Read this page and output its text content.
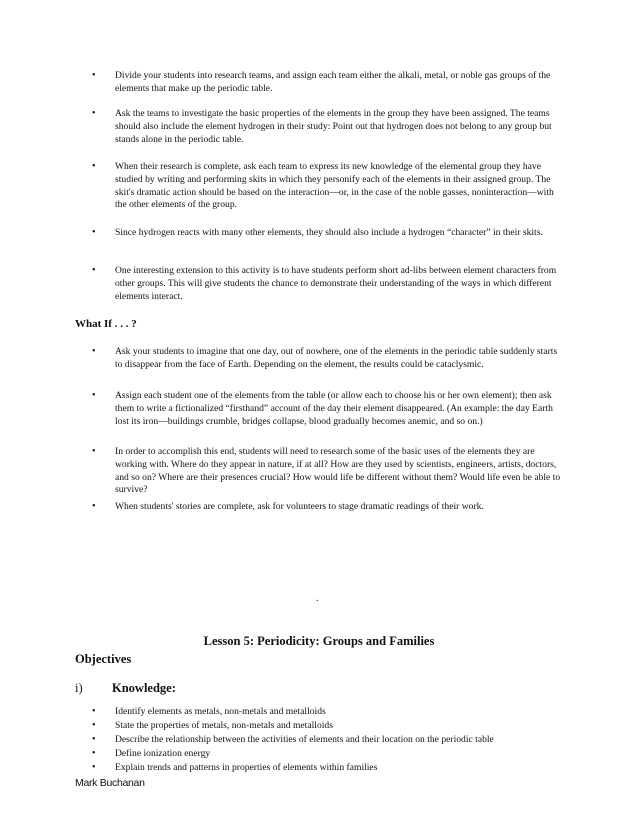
• Divide your students into research teams, and assign each team either the alkali, metal, or noble gas groups of the elements that make up the periodic table.
• Ask the teams to investigate the basic properties of the elements in the group they have been assigned. The teams should also include the element hydrogen in their study: Point out that hydrogen does not belong to any group but stands alone in the periodic table.
• When their research is complete, ask each team to express its new knowledge of the elemental group they have studied by writing and performing skits in which they personify each of the elements in their assigned group. The skit's dramatic action should be based on the interaction—or, in the case of the noble gasses, noninteraction—with the other elements of the group.
• Since hydrogen reacts with many other elements, they should also include a hydrogen “character” in their skits.
• One interesting extension to this activity is to have students perform short ad-libs between element characters from other groups. This will give students the chance to demonstrate their understanding of the ways in which different elements interact.
What If . . . ?
• Ask your students to imagine that one day, out of nowhere, one of the elements in the periodic table suddenly starts to disappear from the face of Earth. Depending on the element, the results could be cataclysmic.
• Assign each student one of the elements from the table (or allow each to choose his or her own element); then ask them to write a fictionalized “firsthand” account of the day their element disappeared. (An example: the day Earth lost its iron—buildings crumble, bridges collapse, blood gradually becomes anemic, and so on.)
• In order to accomplish this end, students will need to research some of the basic uses of the elements they are working with. Where do they appear in nature, if at all? How are they used by scientists, engineers, artists, doctors, and so on? Where are their presences crucial? How would life be different without them? Would life even be able to survive?
• When students' stories are complete, ask for volunteers to stage dramatic readings of their work.
.
Lesson 5: Periodicity: Groups and Families
Objectives
i) Knowledge:
• Identify elements as metals, non-metals and metalloids
• State the properties of metals, non-metals and metalloids
• Describe the relationship between the activities of elements and their location on the periodic table
• Define ionization energy
• Explain trends and patterns in properties of elements within families
Mark Buchanan
